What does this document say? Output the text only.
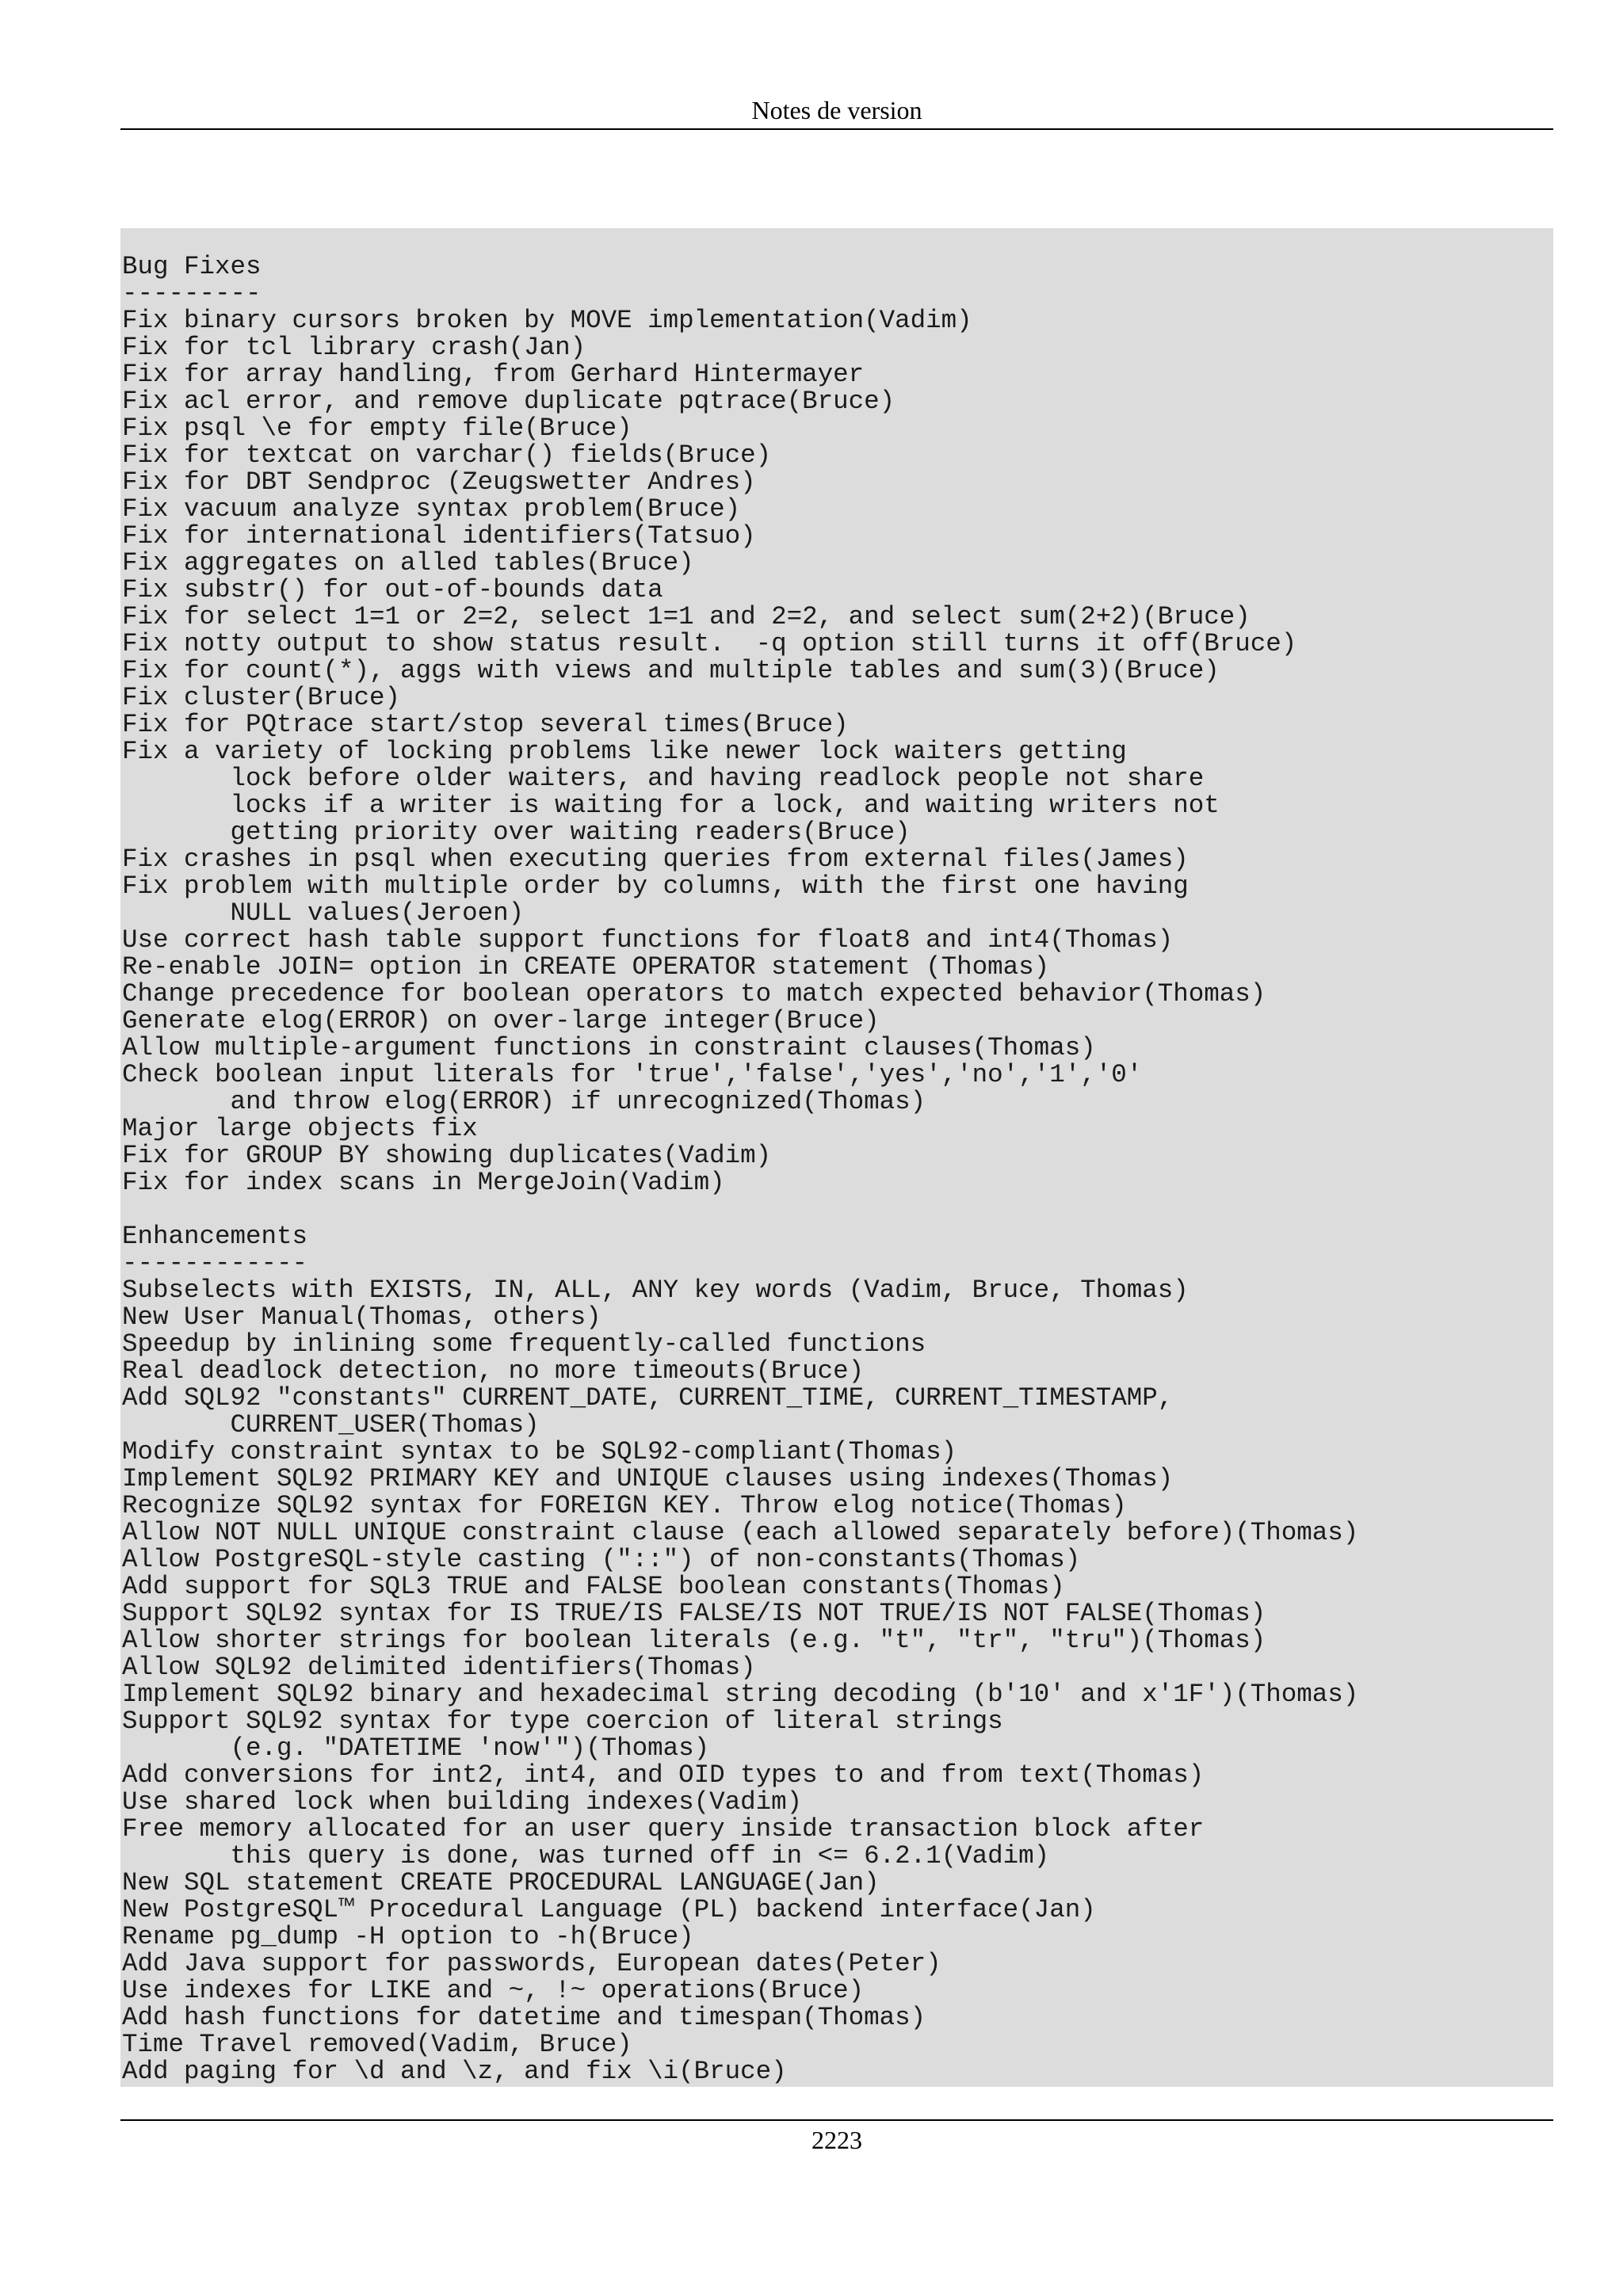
Notes de version
Bug Fixes
---------
Fix binary cursors broken by MOVE implementation(Vadim)
Fix for tcl library crash(Jan)
Fix for array handling, from Gerhard Hintermayer
Fix acl error, and remove duplicate pqtrace(Bruce)
Fix psql \e for empty file(Bruce)
Fix for textcat on varchar() fields(Bruce)
Fix for DBT Sendproc (Zeugswetter Andres)
Fix vacuum analyze syntax problem(Bruce)
Fix for international identifiers(Tatsuo)
Fix aggregates on alled tables(Bruce)
Fix substr() for out-of-bounds data
Fix for select 1=1 or 2=2, select 1=1 and 2=2, and select sum(2+2)(Bruce)
Fix notty output to show status result.  -q option still turns it off(Bruce)
Fix for count(*), aggs with views and multiple tables and sum(3)(Bruce)
Fix cluster(Bruce)
Fix for PQtrace start/stop several times(Bruce)
Fix a variety of locking problems like newer lock waiters getting
lock before older waiters, and having readlock people not share
locks if a writer is waiting for a lock, and waiting writers not
getting priority over waiting readers(Bruce)
Fix crashes in psql when executing queries from external files(James)
Fix problem with multiple order by columns, with the first one having
NULL values(Jeroen)
Use correct hash table support functions for float8 and int4(Thomas)
Re-enable JOIN= option in CREATE OPERATOR statement (Thomas)
Change precedence for boolean operators to match expected behavior(Thomas)
Generate elog(ERROR) on over-large integer(Bruce)
Allow multiple-argument functions in constraint clauses(Thomas)
Check boolean input literals for 'true','false','yes','no','1','0'
and throw elog(ERROR) if unrecognized(Thomas)
Major large objects fix
Fix for GROUP BY showing duplicates(Vadim)
Fix for index scans in MergeJoin(Vadim)
Enhancements
------------
Subselects with EXISTS, IN, ALL, ANY key words (Vadim, Bruce, Thomas)
New User Manual(Thomas, others)
Speedup by inlining some frequently-called functions
Real deadlock detection, no more timeouts(Bruce)
Add SQL92 "constants" CURRENT_DATE, CURRENT_TIME, CURRENT_TIMESTAMP,
CURRENT_USER(Thomas)
Modify constraint syntax to be SQL92-compliant(Thomas)
Implement SQL92 PRIMARY KEY and UNIQUE clauses using indexes(Thomas)
Recognize SQL92 syntax for FOREIGN KEY. Throw elog notice(Thomas)
Allow NOT NULL UNIQUE constraint clause (each allowed separately before)(Thomas)
Allow PostgreSQL-style casting ("::") of non-constants(Thomas)
Add support for SQL3 TRUE and FALSE boolean constants(Thomas)
Support SQL92 syntax for IS TRUE/IS FALSE/IS NOT TRUE/IS NOT FALSE(Thomas)
Allow shorter strings for boolean literals (e.g. "t", "tr", "tru")(Thomas)
Allow SQL92 delimited identifiers(Thomas)
Implement SQL92 binary and hexadecimal string decoding (b'10' and x'1F')(Thomas)
Support SQL92 syntax for type coercion of literal strings
(e.g. "DATETIME 'now'")(Thomas)
Add conversions for int2, int4, and OID types to and from text(Thomas)
Use shared lock when building indexes(Vadim)
Free memory allocated for an user query inside transaction block after
this query is done, was turned off in <= 6.2.1(Vadim)
New SQL statement CREATE PROCEDURAL LANGUAGE(Jan)
New PostgreSQL™ Procedural Language (PL) backend interface(Jan)
Rename pg_dump -H option to -h(Bruce)
Add Java support for passwords, European dates(Peter)
Use indexes for LIKE and ~, !~ operations(Bruce)
Add hash functions for datetime and timespan(Thomas)
Time Travel removed(Vadim, Bruce)
Add paging for \d and \z, and fix \i(Bruce)
2223
